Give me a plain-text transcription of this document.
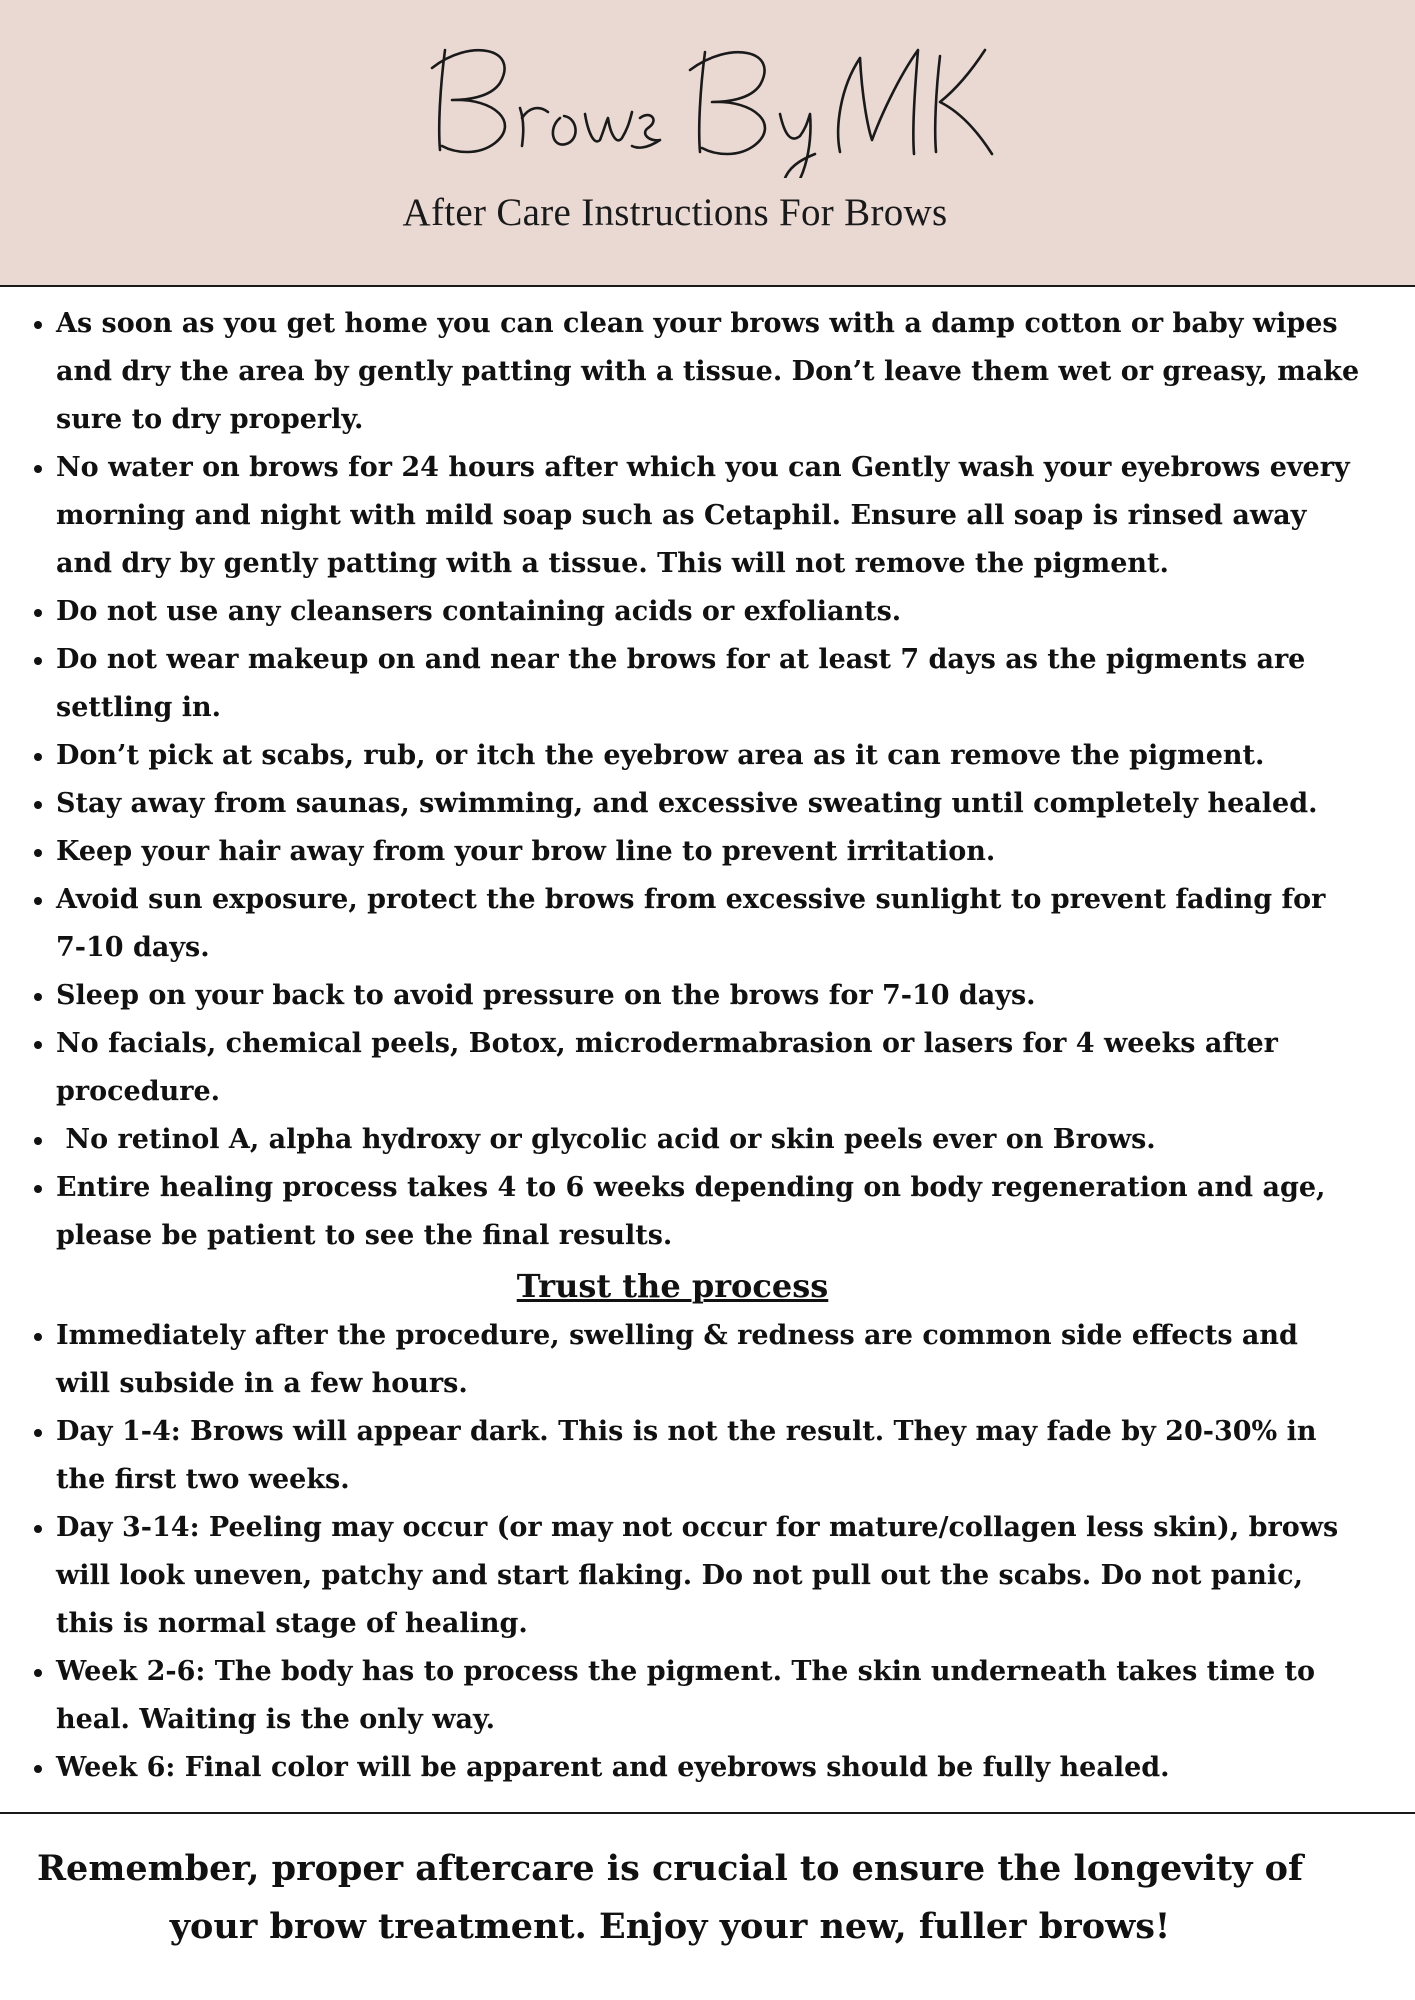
After Care Instructions For Brows
• As soon as you get home you can clean your brows with a damp cotton or baby wipes and dry the area by gently patting with a tissue. Don’t leave them wet or greasy, make sure to dry properly.
• No water on brows for 24 hours after which you can Gently wash your eyebrows every morning and night with mild soap such as Cetaphil. Ensure all soap is rinsed away and dry by gently patting with a tissue. This will not remove the pigment.
• Do not use any cleansers containing acids or exfoliants.
• Do not wear makeup on and near the brows for at least 7 days as the pigments are settling in.
• Don’t pick at scabs, rub, or itch the eyebrow area as it can remove the pigment.
• Stay away from saunas, swimming, and excessive sweating until completely healed.
• Keep your hair away from your brow line to prevent irritation.
• Avoid sun exposure, protect the brows from excessive sunlight to prevent fading for 7-10 days.
• Sleep on your back to avoid pressure on the brows for 7-10 days.
• No facials, chemical peels, Botox, microdermabrasion or lasers for 4 weeks after procedure.
•  No retinol A, alpha hydroxy or glycolic acid or skin peels ever on Brows.
• Entire healing process takes 4 to 6 weeks depending on body regeneration and age, please be patient to see the final results.
Trust the process
• Immediately after the procedure, swelling & redness are common side effects and will subside in a few hours.
• Day 1-4: Brows will appear dark. This is not the result. They may fade by 20-30% in the first two weeks.
• Day 3-14: Peeling may occur (or may not occur for mature/collagen less skin), brows will look uneven, patchy and start flaking. Do not pull out the scabs. Do not panic, this is normal stage of healing.
• Week 2-6: The body has to process the pigment. The skin underneath takes time to heal. Waiting is the only way.
• Week 6: Final color will be apparent and eyebrows should be fully healed.
Remember, proper aftercare is crucial to ensure the longevity of
your brow treatment. Enjoy your new, fuller brows!
